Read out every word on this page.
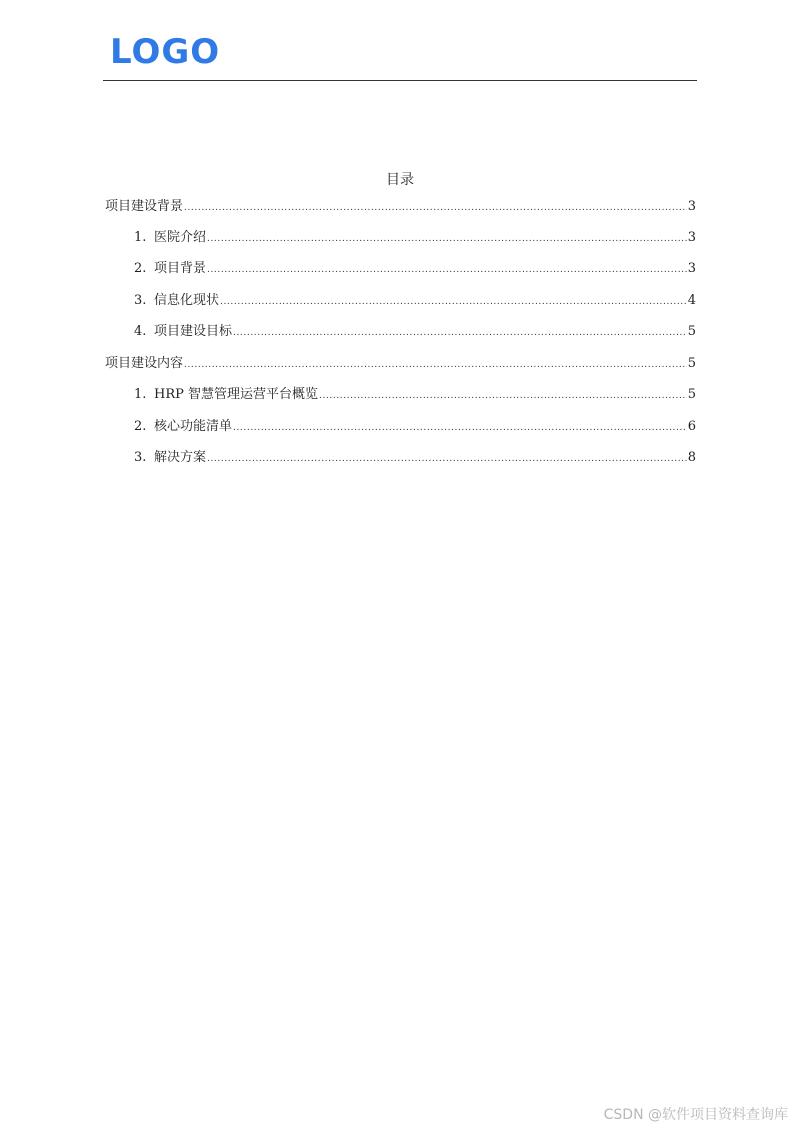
LOGO
目录
项目建设背景 .....	3
1. 医院介绍 .....	3
2. 项目背景 .....	3
3. 信息化现状 .....	4
4. 项目建设目标 .....	5
项目建设内容 .....	5
1. HRP 智慧管理运营平台概览 .....	5
2. 核心功能清单 .....	6
3. 解决方案 .....	8
CSDN @软件项目资料查询库
